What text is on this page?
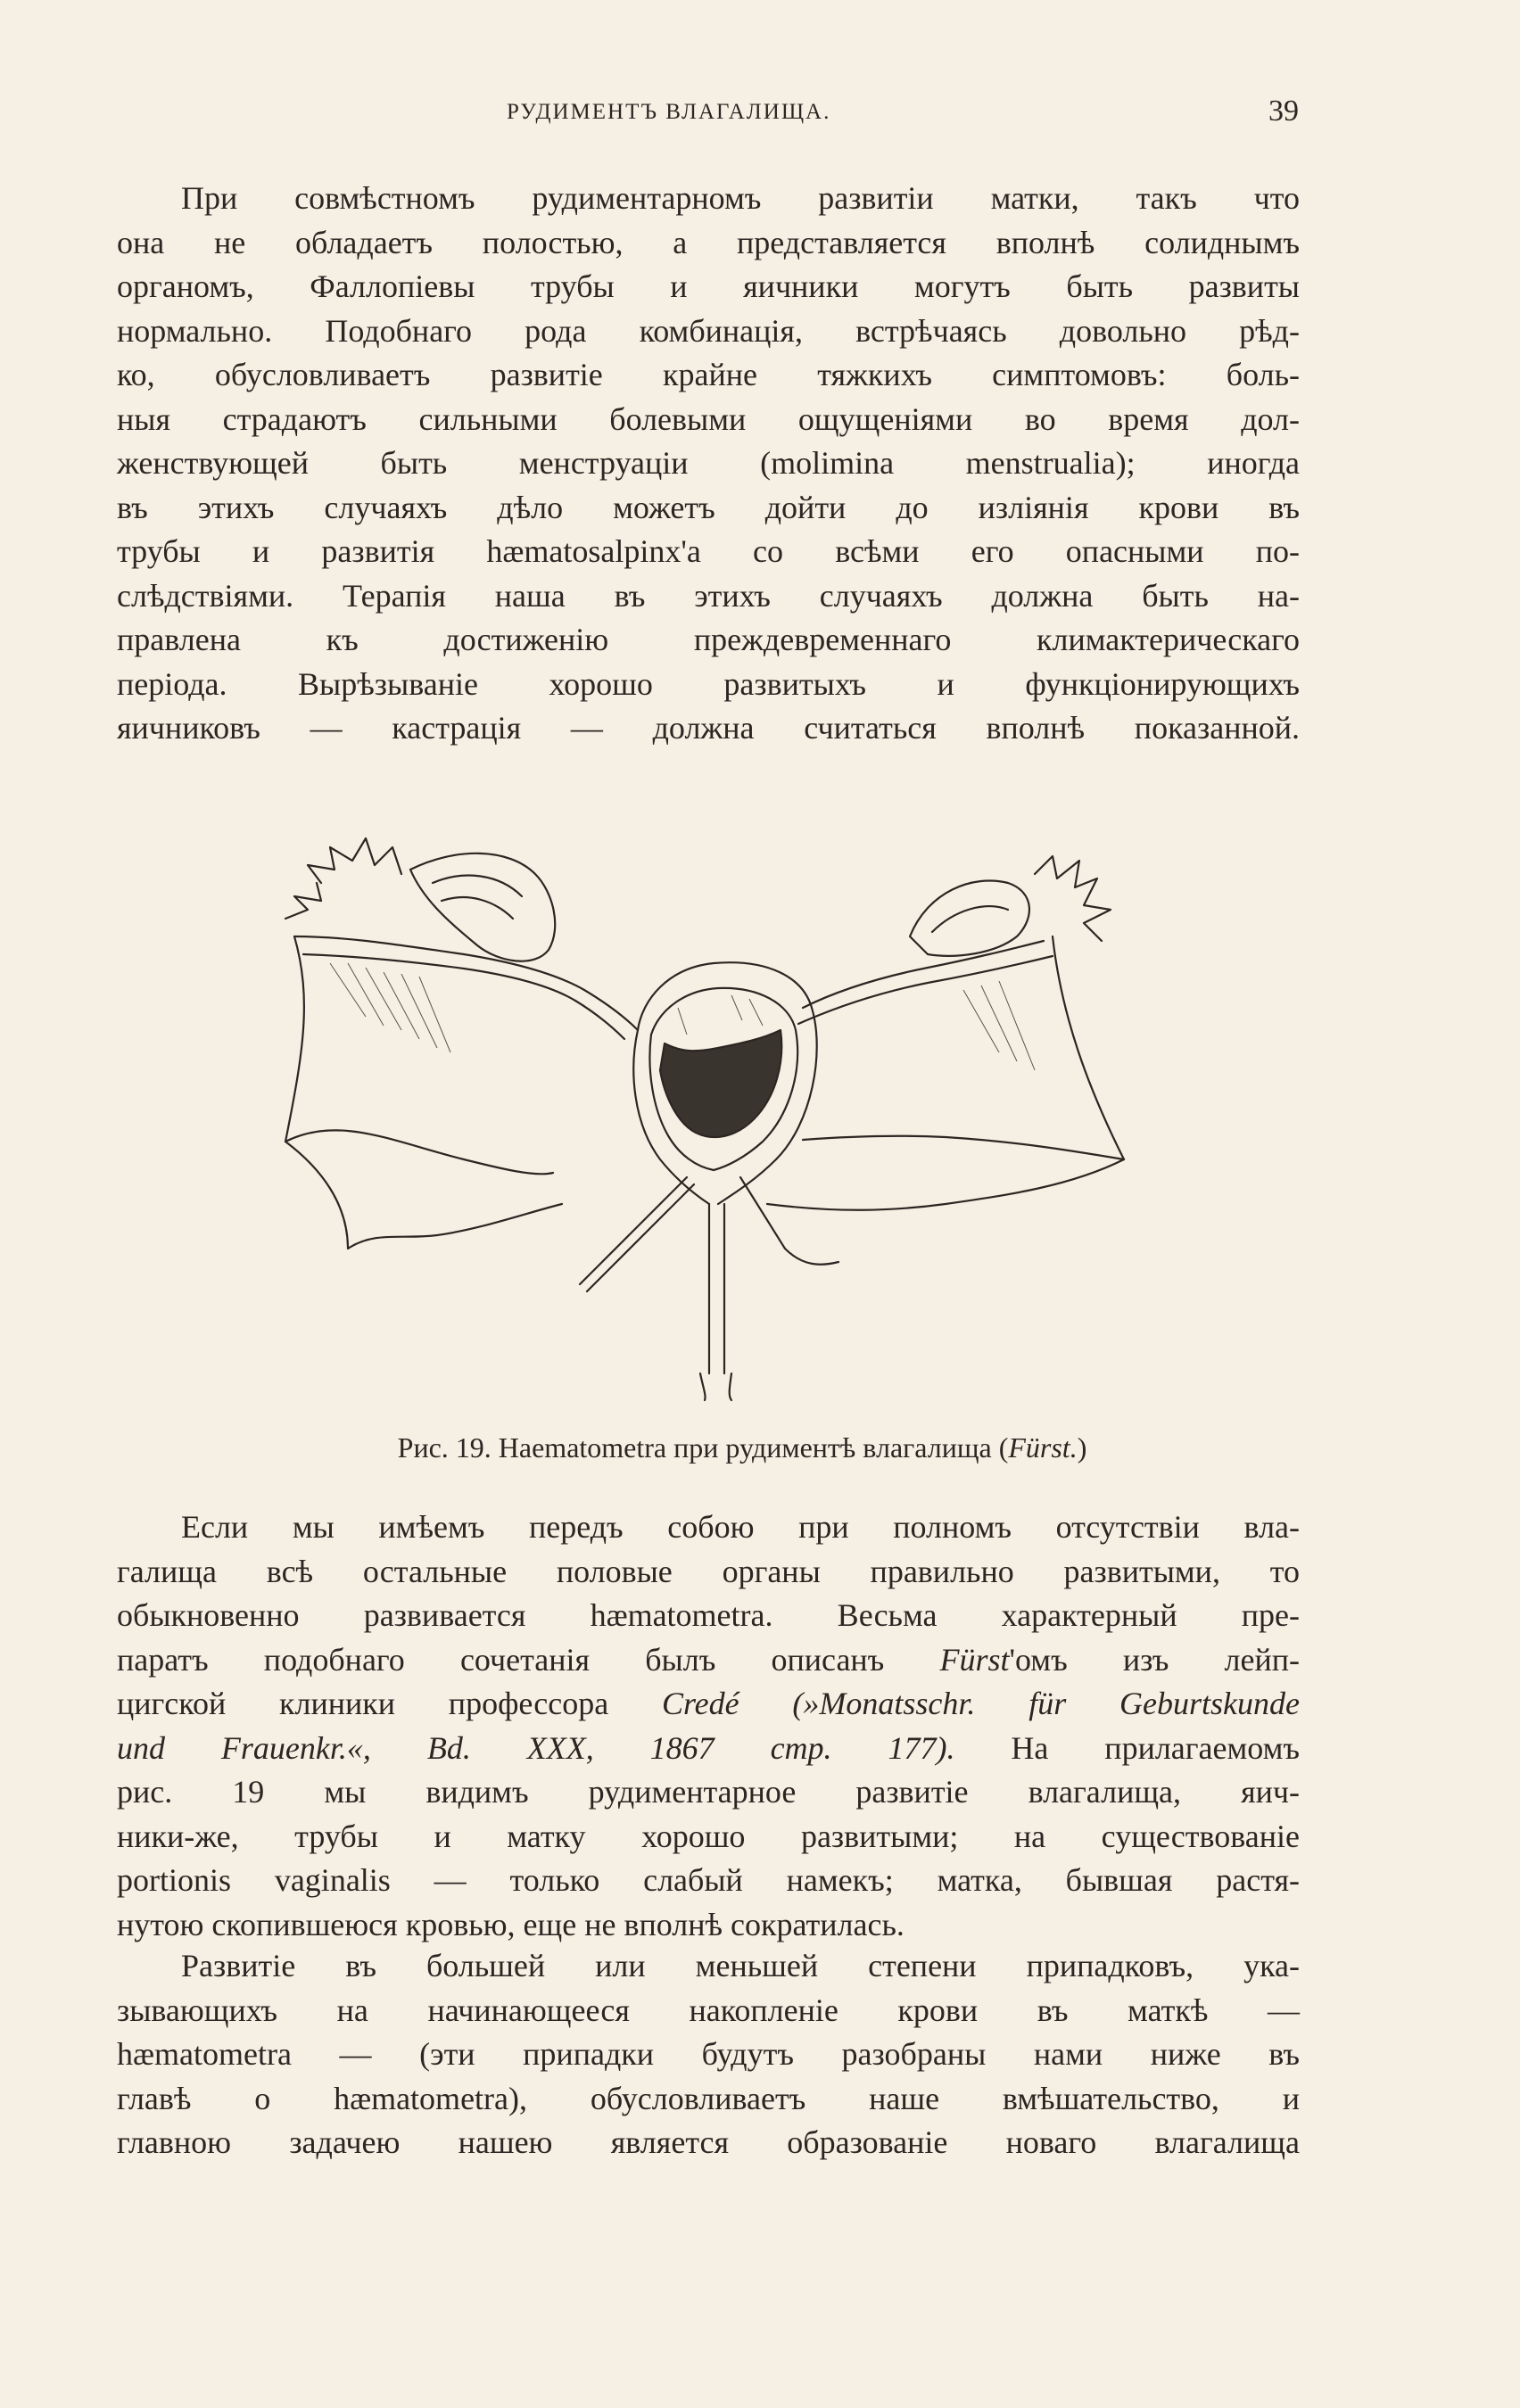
РУДИМЕНТЪ ВЛАГАЛИЩА.	39

При совмѣстномъ рудиментарномъ развитіи матки, такъ что

она не обладаетъ полостью, а представляется вполнѣ солиднымъ

органомъ, Фаллопіевы трубы и яичники могутъ быть развиты

нормально. Подобнаго рода комбинація, встрѣчаясь довольно рѣд-

ко, обусловливаетъ развитіе крайне тяжкихъ симптомовъ: боль-

ныя страдаютъ сильными болевыми ощущеніями во время дол-

женствующей быть менструаціи (molimina menstrualia); иногда

въ этихъ случаяхъ дѣло можетъ дойти до изліянія крови въ

трубы и развитія hæmatosalpinx'а со всѣми его опасными по-

слѣдствіями. Терапія наша въ этихъ случаяхъ должна быть на-

правлена къ достиженію преждевременнаго климактерическаго

періода. Вырѣзываніе хорошо развитыхъ и функціонирующихъ

яичниковъ — кастрація — должна считаться вполнѣ показанной.

Рис. 19. Haematometra при рудиментѣ влагалища (Fürst.)

Если мы имѣемъ передъ собою при полномъ отсутствіи вла-

галища всѣ остальные половые органы правильно развитыми, то

обыкновенно развивается hæmatometra. Весьма характерный пре-

паратъ подобнаго сочетанія былъ описанъ Fürst'омъ изъ лейп-

цигской клиники профессора Credé (»Monatsschr. für Geburtskunde

und Frauenkr.«, Bd. XXX, 1867 стр. 177). На прилагаемомъ

рис. 19 мы видимъ рудиментарное развитіе влагалища, яич-

ники-же, трубы и матку хорошо развитыми; на существованіе

portionis vaginalis — только слабый намекъ; матка, бывшая растя-

нутою скопившеюся кровью, еще не вполнѣ сократилась.

Развитіе въ большей или меньшей степени припадковъ, ука-

зывающихъ на начинающееся накопленіе крови въ маткѣ —

hæmatometra — (эти припадки будутъ разобраны нами ниже въ

главѣ о hæmatometra), обусловливаетъ наше вмѣшательство, и

главною задачею нашею является образованіе новаго влагалища
